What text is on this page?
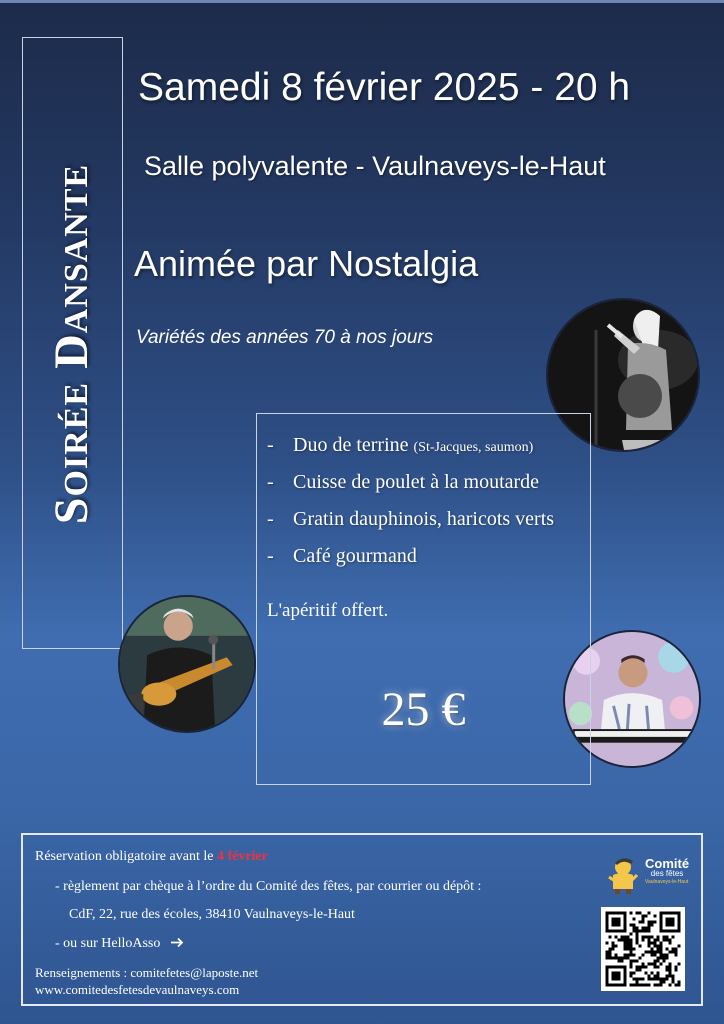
Soirée Dansante
Samedi 8 février 2025 - 20 h
Salle polyvalente - Vaulnaveys-le-Haut
Animée par Nostalgia
Variétés des années 70 à nos jours
- Duo de terrine (St-Jacques, saumon)
- Cuisse de poulet à la moutarde
- Gratin dauphinois, haricots verts
- Café gourmand
L'apéritif offert.
25 €
Réservation obligatoire avant le 4 février
- règlement par chèque à l’ordre du Comité des fêtes, par courrier ou dépôt :
CdF, 22, rue des écoles, 38410 Vaulnaveys-le-Haut
- ou sur HelloAsso
Renseignements : comitefetes@laposte.net
www.comitedesfetesdevaulnaveys.com
Comité
des fêtes
Vaulnaveys-le-Haut
